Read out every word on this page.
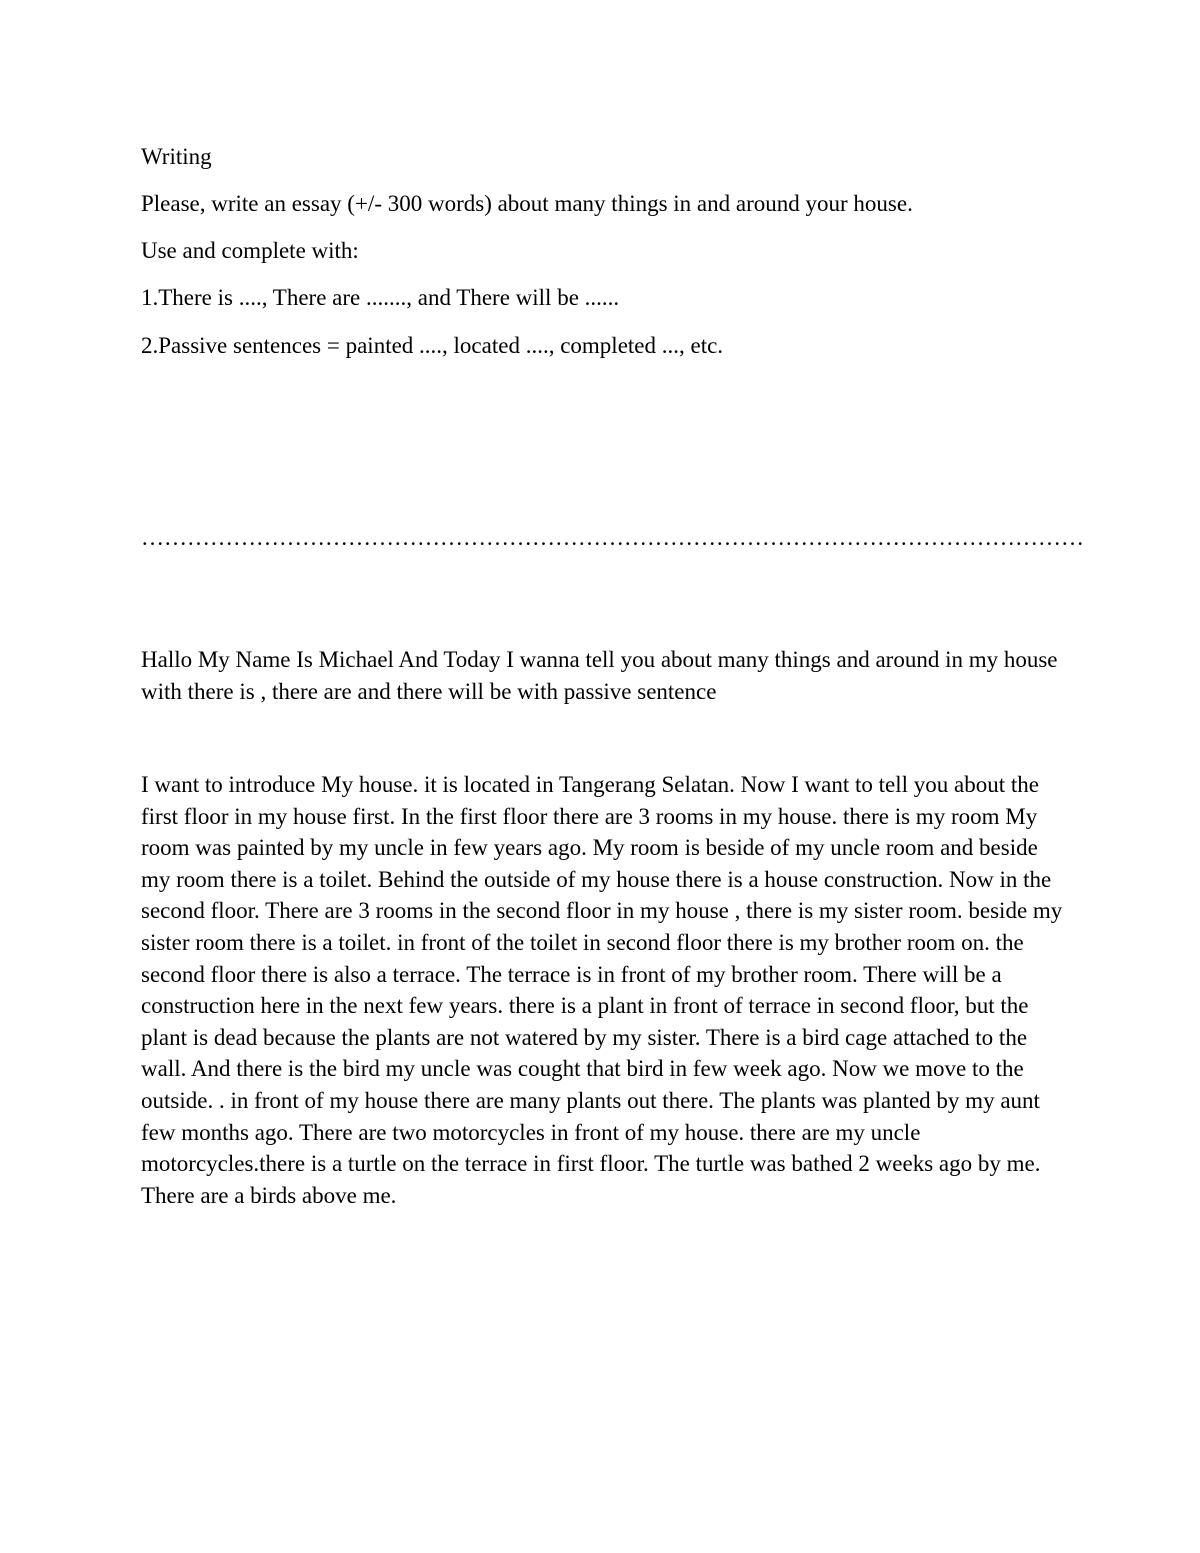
Writing
Please, write an essay (+/- 300 words) about many things in and around your house.
Use and complete with:
1.There is ...., There are ......., and There will be ......
2.Passive sentences = painted ...., located ...., completed ..., etc.
……………………………………………………………………………………………………………
Hallo My Name Is Michael And Today I wanna tell you about many things and around in my house with there is , there are and there will be with passive sentence
I want to introduce My house. it is located in Tangerang Selatan. Now I want to tell you about the first floor in my house first. In the first floor there are 3 rooms in my house. there is my room My room was painted by my uncle in few years ago. My room is beside of my uncle room and beside my room there is a toilet. Behind the outside of my house there is a house construction. Now in the second floor. There are 3 rooms in the second floor in my house , there is my sister room. beside my sister room there is a toilet. in front of the toilet in second floor there is my brother room on. the second floor there is also a terrace. The terrace is in front of my brother room. There will be a construction here in the next few years. there is a plant in front of terrace in second floor, but the plant is dead because the plants are not watered by my sister. There is a bird cage attached to the wall. And there is the bird my uncle was cought that bird in few week ago. Now we move to the outside. . in front of my house there are many plants out there. The plants was planted by my aunt few months ago. There are two motorcycles in front of my house. there are my uncle motorcycles.there is a turtle on the terrace in first floor. The turtle was bathed 2 weeks ago by me. There are a birds above me.
